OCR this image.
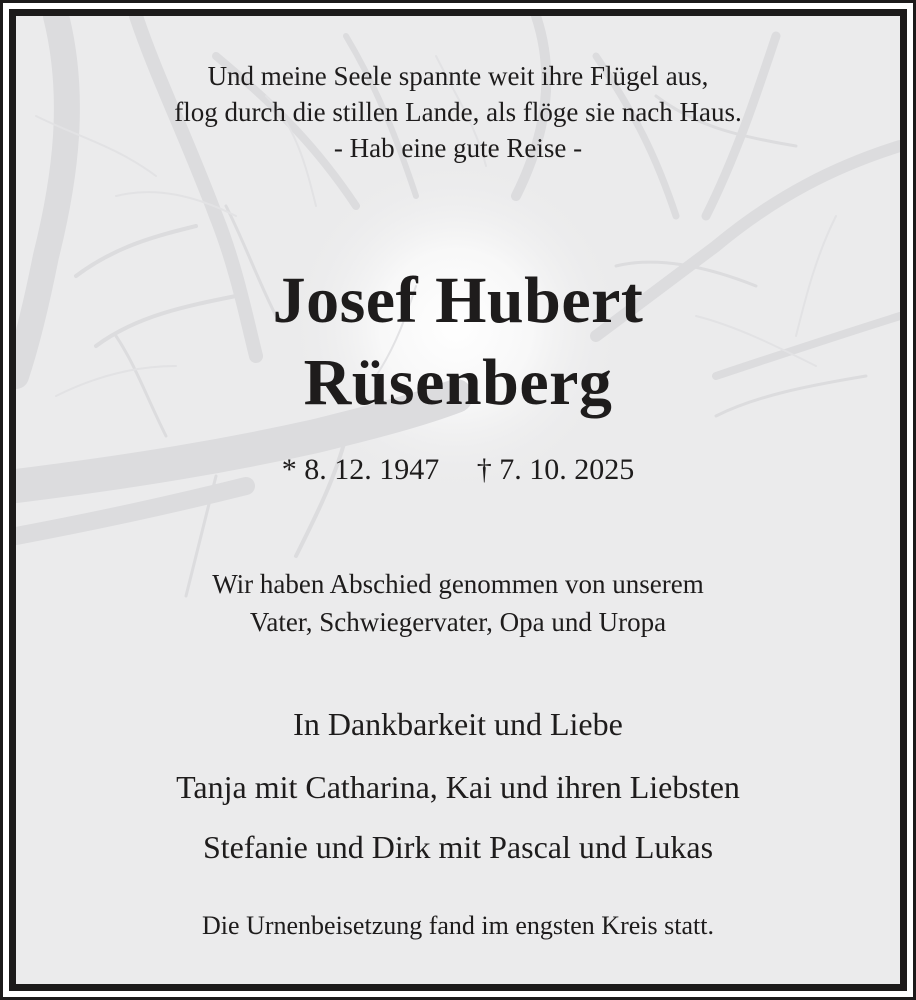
Und meine Seele spannte weit ihre Flügel aus,
flog durch die stillen Lande, als flöge sie nach Haus.
- Hab eine gute Reise -
Josef Hubert
Rüsenberg
* 8. 12. 1947 † 7. 10. 2025
Wir haben Abschied genommen von unserem
Vater, Schwiegervater, Opa und Uropa
In Dankbarkeit und Liebe
Tanja mit Catharina, Kai und ihren Liebsten
Stefanie und Dirk mit Pascal und Lukas
Die Urnenbeisetzung fand im engsten Kreis statt.
